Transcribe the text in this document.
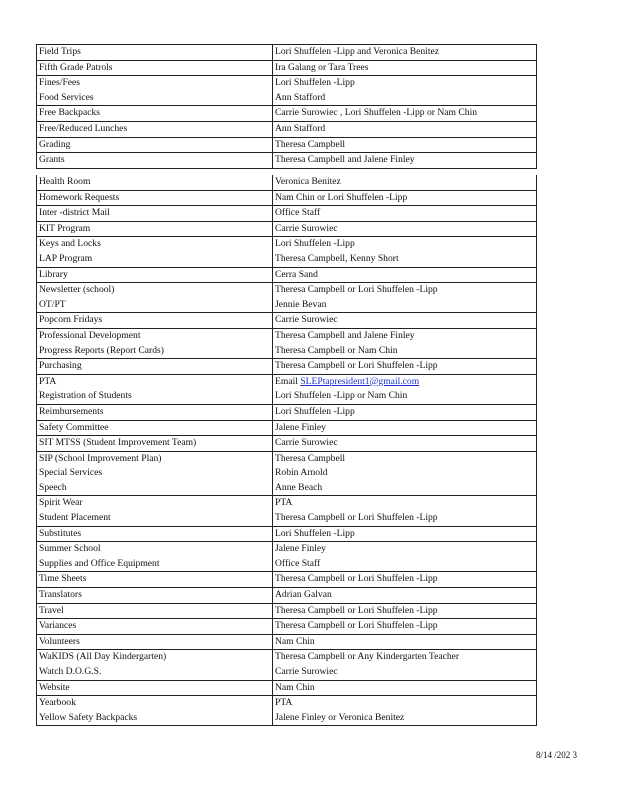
Field Trips	Lori Shuffelen -Lipp and Veronica Benitez
Fifth Grade Patrols	Ira Galang or Tara Trees
Fines/Fees	Lori Shuffelen -Lipp
Food Services	Ann Stafford
Free Backpacks	Carrie Surowiec , Lori Shuffelen -Lipp or Nam Chin
Free/Reduced Lunches	Ann Stafford
Grading	Theresa Campbell
Grants	Theresa Campbell and Jalene Finley
Health Room	Veronica Benitez
Homework Requests	Nam Chin or Lori Shuffelen -Lipp
Inter -district Mail	Office Staff
KIT Program	Carrie Surowiec
Keys and Locks	Lori Shuffelen -Lipp
LAP Program	Theresa Campbell, Kenny Short
Library	Cerra Sand
Newsletter (school)	Theresa Campbell or Lori Shuffelen -Lipp
OT/PT	Jennie Bevan
Popcorn Fridays	Carrie Surowiec
Professional Development	Theresa Campbell and Jalene Finley
Progress Reports (Report Cards)	Theresa Campbell or Nam Chin
Purchasing	Theresa Campbell or Lori Shuffelen -Lipp
PTA	Email SLEPtapresident1@gmail.com
Registration of Students	Lori Shuffelen -Lipp or Nam Chin
Reimbursements	Lori Shuffelen -Lipp
Safety Committee	Jalene Finley
SIT MTSS (Student Improvement Team)	Carrie Surowiec
SIP (School Improvement Plan)	Theresa Campbell
Special Services	Robin Arnold
Speech	Anne Beach
Spirit Wear	PTA
Student Placement	Theresa Campbell or Lori Shuffelen -Lipp
Substitutes	Lori Shuffelen -Lipp
Summer School	Jalene Finley
Supplies and Office Equipment	Office Staff
Time Sheets	Theresa Campbell or Lori Shuffelen -Lipp
Translators	Adrian Galvan
Travel	Theresa Campbell or Lori Shuffelen -Lipp
Variances	Theresa Campbell or Lori Shuffelen -Lipp
Volunteers	Nam Chin
WaKIDS (All Day Kindergarten)	Theresa Campbell or Any Kindergarten Teacher

Watch D.O.G.S.	Carrie Surowiec
Website	Nam Chin
Yearbook	PTA
Yellow Safety Backpacks	Jalene Finley or Veronica Benitez
8/14 /202 3
